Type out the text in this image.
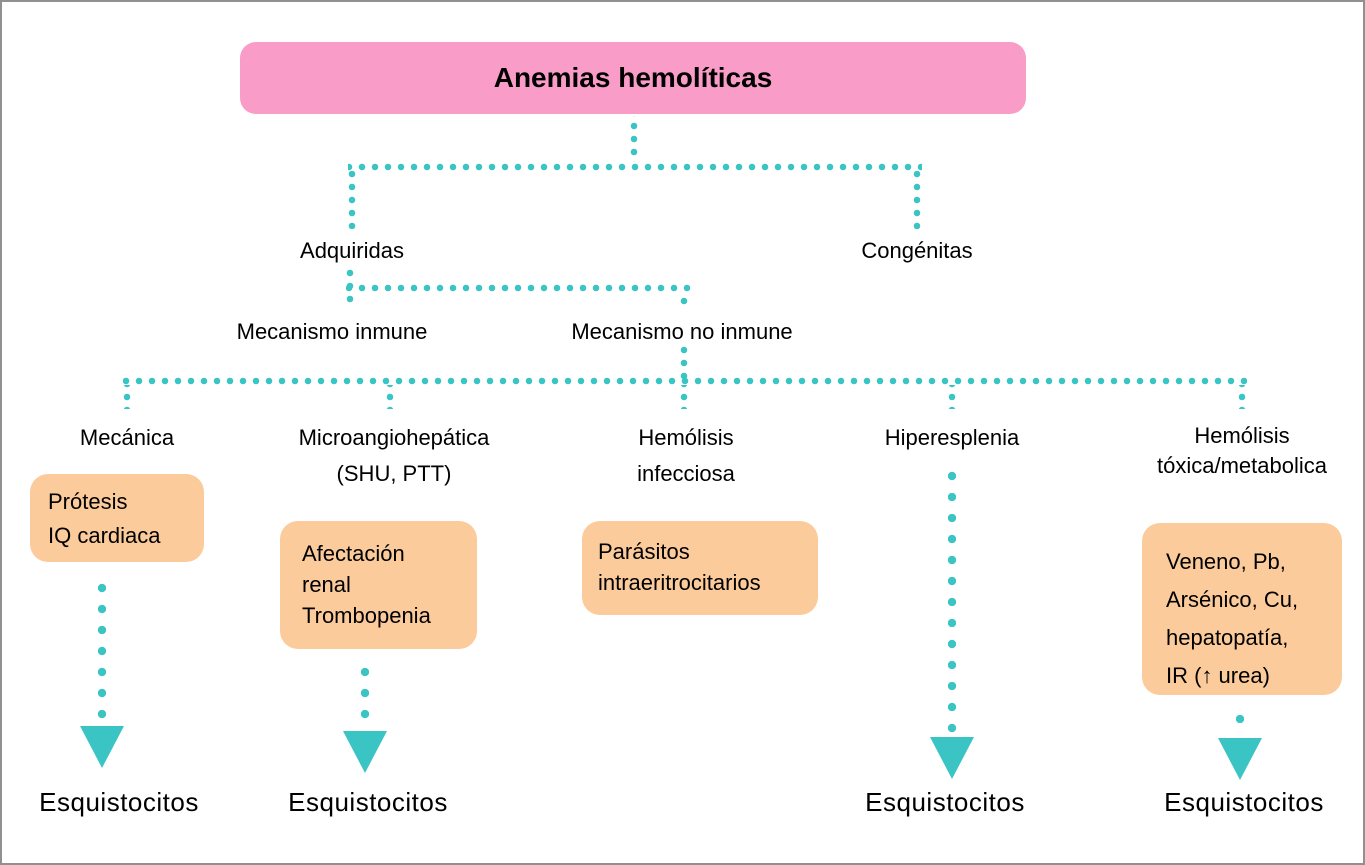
Anemias hemolíticas
Adquiridas	Congénitas
Mecanismo inmune	Mecanismo no inmune
Mecánica	Microangiohepática
(SHU, PTT)
Hemólisis
infecciosa
Hiperesplenia	Hemólisis
tóxica/metabolica
Prótesis
IQ cardiaca
Afectación
renal
Trombopenia
Parásitos
intraeritrocitarios
Veneno, Pb,
Arsénico, Cu,
hepatopatía,
IR (↑ urea)
Esquistocitos	Esquistocitos	Esquistocitos	Esquistocitos
